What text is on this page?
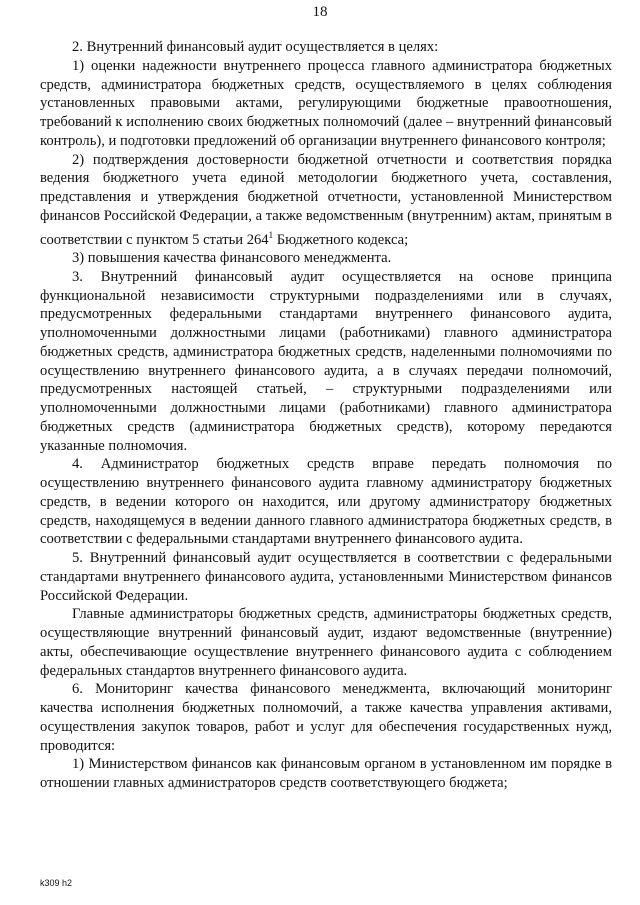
18

2. Внутренний финансовый аудит осуществляется в целях:

1) оценки надежности внутреннего процесса главного администратора бюджетных средств, администратора бюджетных средств, осуществляемого в целях соблюдения установленных правовыми актами, регулирующими бюджетные правоотношения, требований к исполнению своих бюджетных полномочий (далее – внутренний финансовый контроль), и подготовки предложений об организации внутреннего финансового контроля;

2) подтверждения достоверности бюджетной отчетности и соответствия порядка ведения бюджетного учета единой методологии бюджетного учета, составления, представления и утверждения бюджетной отчетности, установленной Министерством финансов Российской Федерации, а также ведомственным (внутренним) актам, принятым в соответствии с пунктом 5 статьи $264^1$ Бюджетного кодекса;

3) повышения качества финансового менеджмента.

3. Внутренний финансовый аудит осуществляется на основе принципа функциональной независимости структурными подразделениями или в случаях, предусмотренных федеральными стандартами внутреннего финансового аудита, уполномоченными должностными лицами (работниками) главного администратора бюджетных средств, администратора бюджетных средств, наделенными полномочиями по осуществлению внутреннего финансового аудита, а в случаях передачи полномочий, предусмотренных настоящей статьей, – структурными подразделениями или уполномоченными должностными лицами (работниками) главного администратора бюджетных средств (администратора бюджетных средств), которому передаются указанные полномочия.

4. Администратор бюджетных средств вправе передать полномочия по осуществлению внутреннего финансового аудита главному администратору бюджетных средств, в ведении которого он находится, или другому администратору бюджетных средств, находящемуся в ведении данного главного администратора бюджетных средств, в соответствии с федеральными стандартами внутреннего финансового аудита.

5. Внутренний финансовый аудит осуществляется в соответствии с федеральными стандартами внутреннего финансового аудита, установленными Министерством финансов Российской Федерации.

Главные администраторы бюджетных средств, администраторы бюджетных средств, осуществляющие внутренний финансовый аудит, издают ведомственные (внутренние) акты, обеспечивающие осуществление внутреннего финансового аудита с соблюдением федеральных стандартов внутреннего финансового аудита.

6. Мониторинг качества финансового менеджмента, включающий мониторинг качества исполнения бюджетных полномочий, а также качества управления активами, осуществления закупок товаров, работ и услуг для обеспечения государственных нужд, проводится:

1) Министерством финансов как финансовым органом в установленном им порядке в отношении главных администраторов средств соответствующего бюджета;

k309 h2
